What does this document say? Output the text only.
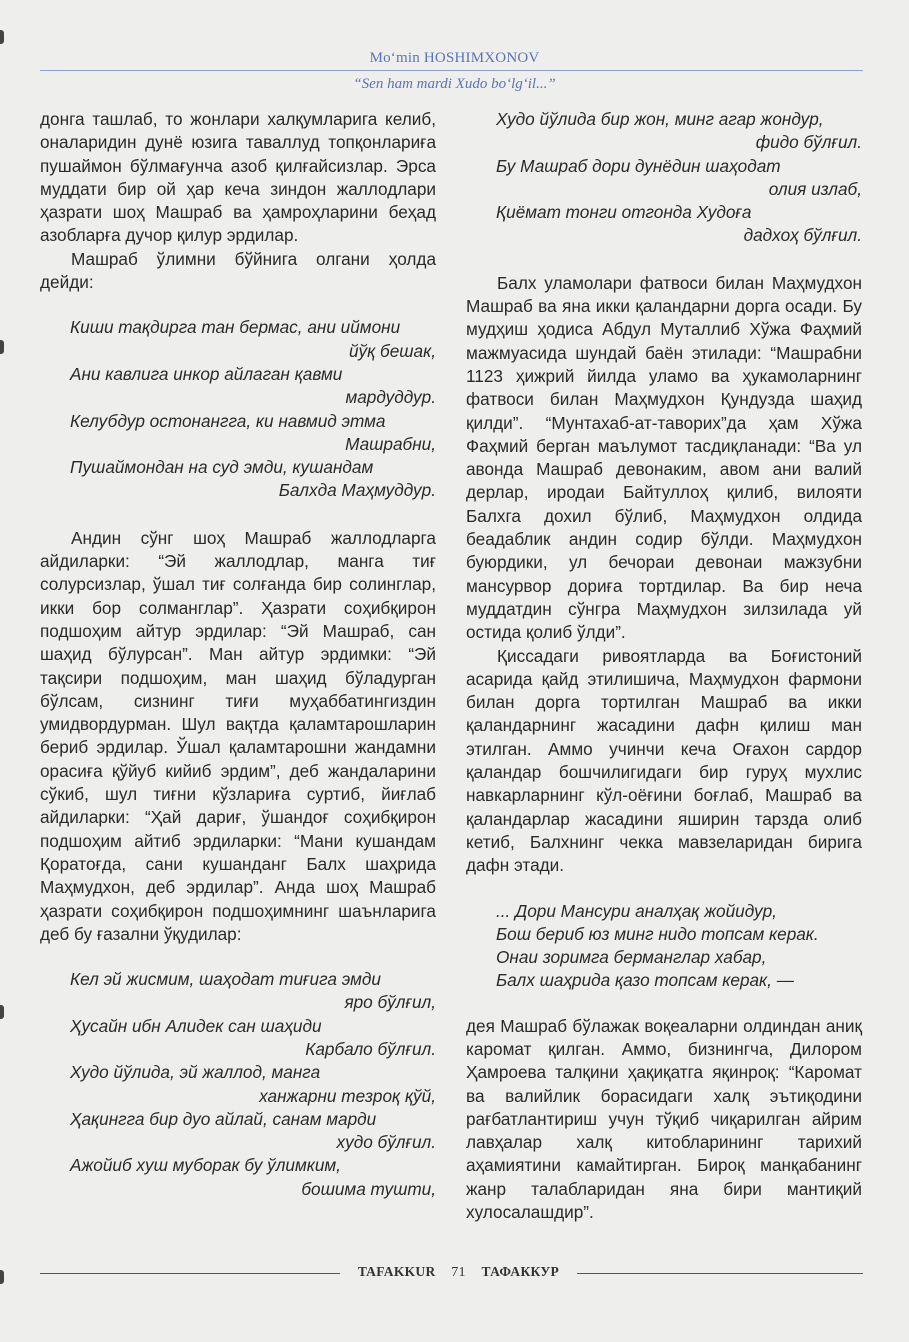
Mo‘min HOSHIMXONOV
“Sen ham mardi Xudo bo‘lg‘il...”

донга ташлаб, то жонлари халқумларига келиб, оналаридин дунё юзига таваллуд топқонлариға пушаймон бўлмағунча азоб қилғайсизлар. Эрса муддати бир ой ҳар кеча зиндон жаллодлари ҳазрати шоҳ Машраб ва ҳамроҳларини беҳад азобларға дучор қилур эрдилар.

Машраб ўлимни бўйнига олгани ҳолда дейди:

Киши тақдирга тан бермас, ани иймони
йўқ бешак,
Ани кавлига инкор айлаган қавми
мардуддур.
Келубдур остонангга, ки навмид этма
Машрабни,
Пушаймондан на суд эмди, кушандам
Балхда Маҳмуддур.

Андин сўнг шоҳ Машраб жаллодларга айдиларки: “Эй жаллодлар, манга тиғ солурсизлар, ўшал тиғ солғанда бир солинглар, икки бор солманглар”. Ҳазрати соҳибқирон подшоҳим айтур эрдилар: “Эй Машраб, сан шаҳид бўлурсан”. Ман айтур эрдимки: “Эй тақсири подшоҳим, ман шаҳид бўладурган бўлсам, сизнинг тиғи муҳаббатингиздин умидвордурман. Шул вақтда қаламтарошларин бериб эрдилар. Ўшал қаламтарошни жандамни орасиға қўйуб кийиб эрдим”, деб жандаларини сўкиб, шул тиғни кўзлариға суртиб, йиғлаб айдиларки: “Ҳай дариғ, ўшандоғ соҳибқирон подшоҳим айтиб эрдиларки: “Мани кушандам Қоратоғда, сани кушанданг Балх шаҳрида Маҳмудхон, деб эрдилар”. Анда шоҳ Машраб ҳазрати соҳибқирон подшоҳимнинг шаънларига деб бу ғазални ўқудилар:

Кел эй жисмим, шаҳодат тиғига эмди
яро бўлғил,
Ҳусайн ибн Алидек сан шаҳиди
Карбало бўлғил.
Худо йўлида, эй жаллод, манга
ханжарни тезроқ қўй,
Ҳақингга бир дуо айлай, санам марди
худо бўлғил.
Ажойиб хуш муборак бу ўлимким,
бошима тушти,
Худо йўлида бир жон, минг агар жондур,
фидо бўлғил.
Бу Машраб дори дунёдин шаҳодат
олия излаб,
Қиёмат тонги отгонда Худоға
дадхоҳ бўлғил.

Балх уламолари фатвоси билан Маҳмудхон Машраб ва яна икки қаландарни дорга осади. Бу мудҳиш ҳодиса Абдул Муталлиб Хўжа Фаҳмий мажмуасида шундай баён этилади: “Машрабни 1123 ҳижрий йилда уламо ва ҳукамоларнинг фатвоси билан Маҳмудхон Қундузда шаҳид қилди”. “Мунтахаб-ат-таворих”да ҳам Хўжа Фаҳмий берган маълумот тасдиқланади: “Ва ул авонда Машраб девонаким, авом ани валий дерлар, иродаи Байтуллоҳ қилиб, вилояти Балхга дохил бўлиб, Маҳмудхон олдида беадаблик андин содир бўлди. Маҳмудхон буюрдики, ул бечораи девонаи мажзубни мансурвор дориға тортдилар. Ва бир неча муддатдин сўнгра Маҳмудхон зилзилада уй остида қолиб ўлди”.

Қиссадаги ривоятларда ва Боғистоний асарида қайд этилишича, Маҳмудхон фармони билан дорга тортилган Машраб ва икки қаландарнинг жасадини дафн қилиш ман этилган. Аммо учинчи кеча Оғахон сардор қаландар бошчилигидаги бир гуруҳ мухлис навкарларнинг кўл-оёғини боғлаб, Машраб ва қаландарлар жасадини яширин тарзда олиб кетиб, Балхнинг чекка мавзеларидан бирига дафн этади.

... Дори Мансури аналҳақ жойидур,
Бош бериб юз минг нидо топсам керак.
Онаи зоримга берманглар хабар,
Балх шаҳрида қазо топсам керак, —

дея Машраб бўлажак воқеаларни олдиндан аниқ каромат қилган. Аммо, бизнингча, Дилором Ҳамроева талқини ҳақиқатга яқинроқ: “Каромат ва валийлик борасидаги халқ эътиқодини рағбатлантириш учун тўқиб чиқарилган айрим лавҳалар халқ китобларининг тарихий аҳамиятини камайтирган. Бироқ манқабанинг жанр талабларидан яна бири мантиқий хулосалашдир”.

TAFAKKUR 71 ТАФАККУР
